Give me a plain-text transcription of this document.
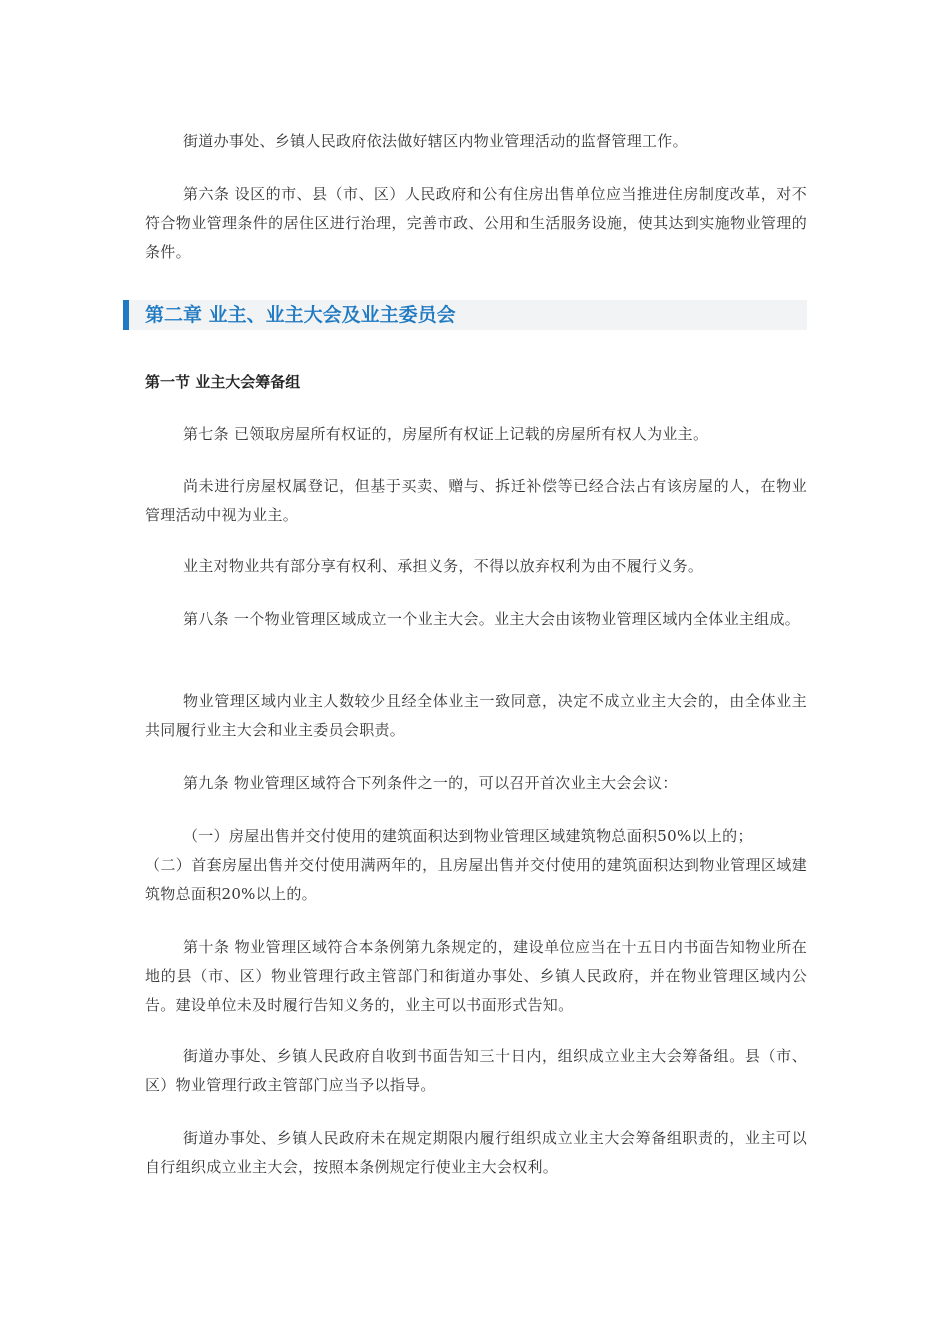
街道办事处、乡镇人民政府依法做好辖区内物业管理活动的监督管理工作。

第六条 设区的市、县（市、区）人民政府和公有住房出售单位应当推进住房制度改革，对不符合物业管理条件的居住区进行治理，完善市政、公用和生活服务设施，使其达到实施物业管理的条件。

第二章 业主、业主大会及业主委员会
第一节 业主大会筹备组

第七条 已领取房屋所有权证的，房屋所有权证上记载的房屋所有权人为业主。

尚未进行房屋权属登记，但基于买卖、赠与、拆迁补偿等已经合法占有该房屋的人，在物业管理活动中视为业主。

业主对物业共有部分享有权利、承担义务，不得以放弃权利为由不履行义务。

第八条 一个物业管理区域成立一个业主大会。业主大会由该物业管理区域内全体业主组成。

物业管理区域内业主人数较少且经全体业主一致同意，决定不成立业主大会的，由全体业主共同履行业主大会和业主委员会职责。

第九条 物业管理区域符合下列条件之一的，可以召开首次业主大会会议：

（一）房屋出售并交付使用的建筑面积达到物业管理区域建筑物总面积50%以上的；

（二）首套房屋出售并交付使用满两年的，且房屋出售并交付使用的建筑面积达到物业管理区域建筑物总面积20%以上的。

第十条 物业管理区域符合本条例第九条规定的，建设单位应当在十五日内书面告知物业所在地的县（市、区）物业管理行政主管部门和街道办事处、乡镇人民政府，并在物业管理区域内公告。建设单位未及时履行告知义务的，业主可以书面形式告知。

街道办事处、乡镇人民政府自收到书面告知三十日内，组织成立业主大会筹备组。县（市、区）物业管理行政主管部门应当予以指导。

街道办事处、乡镇人民政府未在规定期限内履行组织成立业主大会筹备组职责的，业主可以自行组织成立业主大会，按照本条例规定行使业主大会权利。
